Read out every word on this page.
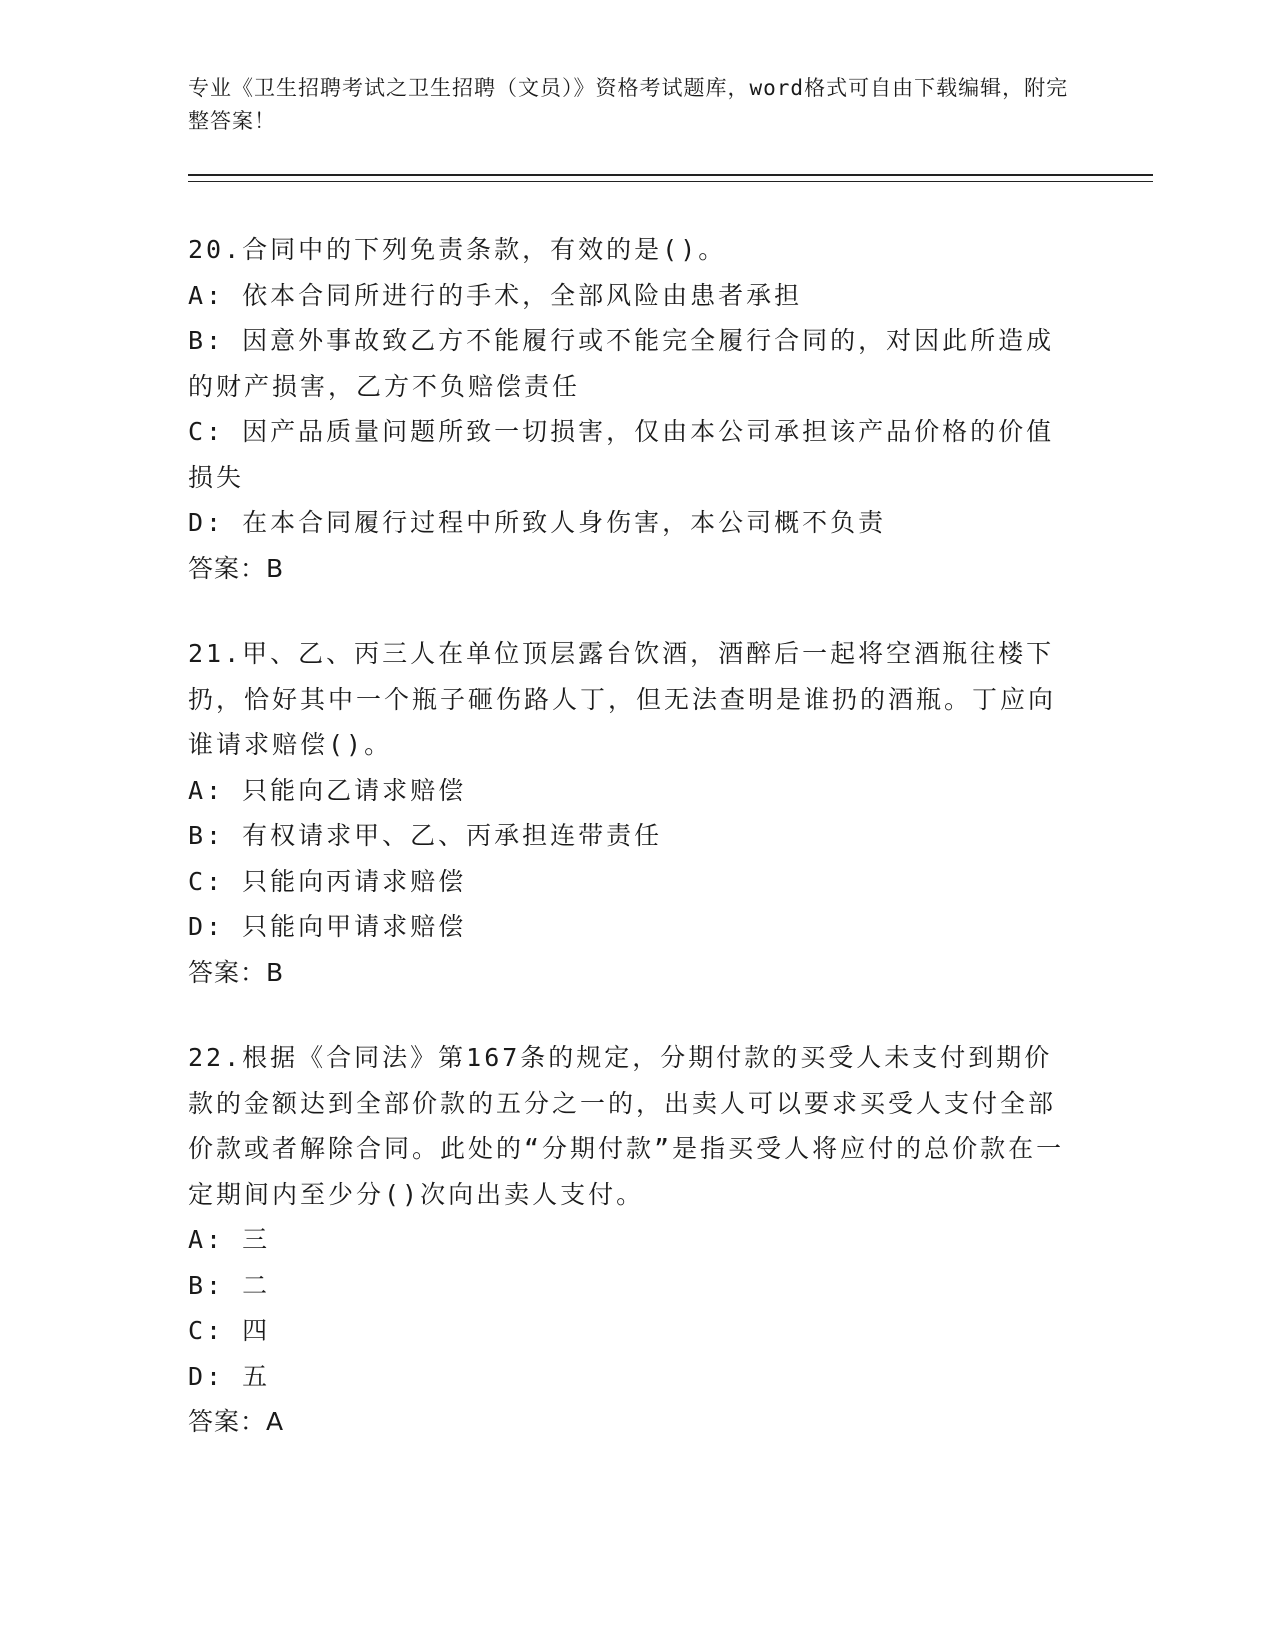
专业《卫生招聘考试之卫生招聘（文员）》资格考试题库，word格式可自由下载编辑，附完整答案！

20.合同中的下列免责条款，有效的是()。

A: 依本合同所进行的手术，全部风险由患者承担

B: 因意外事故致乙方不能履行或不能完全履行合同的，对因此所造成的财产损害，乙方不负赔偿责任

C: 因产品质量问题所致一切损害，仅由本公司承担该产品价格的价值损失

D: 在本合同履行过程中所致人身伤害，本公司概不负责

答案：B

21.甲、乙、丙三人在单位顶层露台饮酒，酒醉后一起将空酒瓶往楼下扔，恰好其中一个瓶子砸伤路人丁，但无法查明是谁扔的酒瓶。丁应向谁请求赔偿()。

A: 只能向乙请求赔偿

B: 有权请求甲、乙、丙承担连带责任

C: 只能向丙请求赔偿

D: 只能向甲请求赔偿

答案：B

22.根据《合同法》第167条的规定，分期付款的买受人未支付到期价款的金额达到全部价款的五分之一的，出卖人可以要求买受人支付全部价款或者解除合同。此处的“分期付款”是指买受人将应付的总价款在一定期间内至少分()次向出卖人支付。

A: 三

B: 二

C: 四

D: 五

答案：A
